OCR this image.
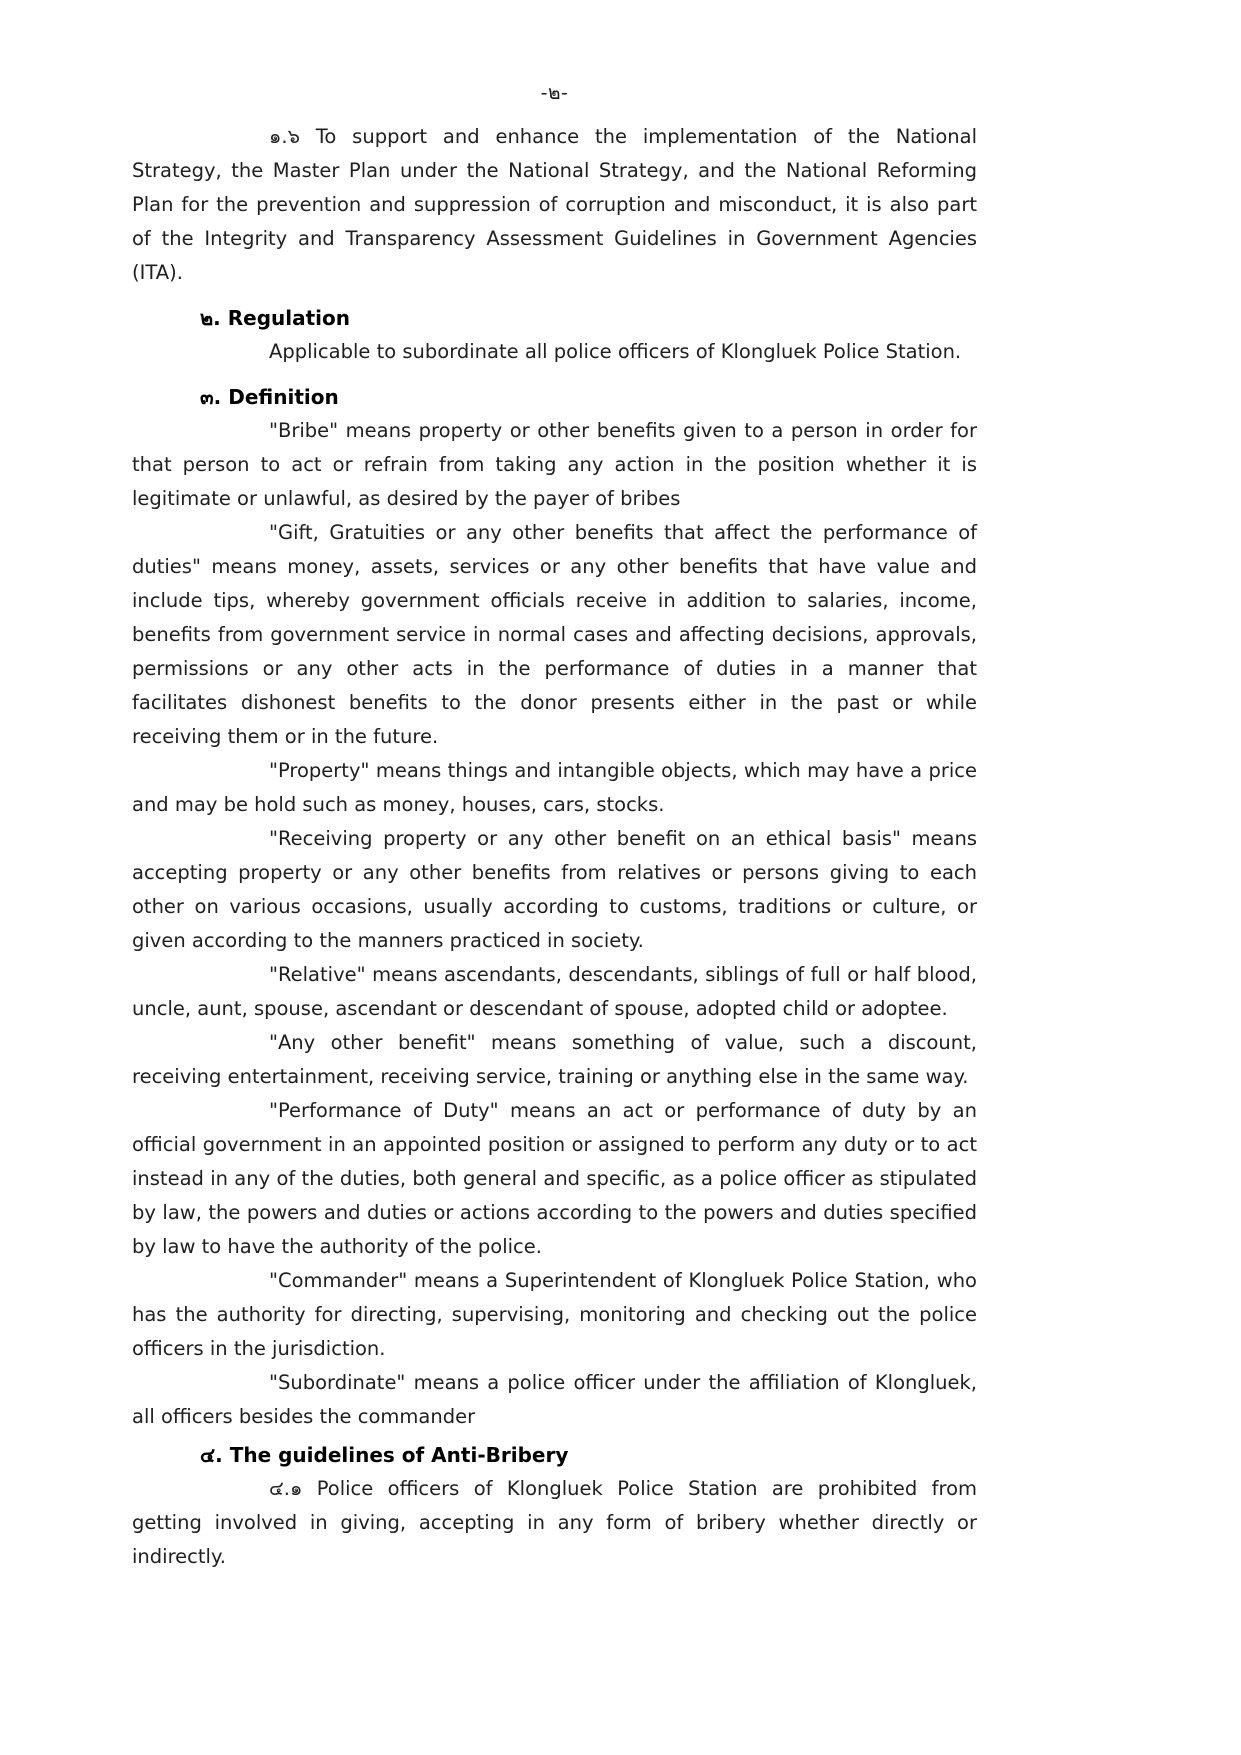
-๒-

๑.๖ To support and enhance the implementation of the National Strategy, the Master Plan under the National Strategy, and the National Reforming Plan for the prevention and suppression of corruption and misconduct, it is also part of the Integrity and Transparency Assessment Guidelines in Government Agencies (ITA).

๒. Regulation

Applicable to subordinate all police officers of Klongluek Police Station.

๓. Definition

"Bribe" means property or other benefits given to a person in order for that person to act or refrain from taking any action in the position whether it is legitimate or unlawful, as desired by the payer of bribes

"Gift, Gratuities or any other benefits that affect the performance of duties" means money, assets, services or any other benefits that have value and include tips, whereby government officials receive in addition to salaries, income, benefits from government service in normal cases and affecting decisions, approvals, permissions or any other acts in the performance of duties in a manner that facilitates dishonest benefits to the donor presents either in the past or while receiving them or in the future.

"Property" means things and intangible objects, which may have a price and may be hold such as money, houses, cars, stocks.

"Receiving property or any other benefit on an ethical basis" means accepting property or any other benefits from relatives or persons giving to each other on various occasions, usually according to customs, traditions or culture, or given according to the manners practiced in society.

"Relative" means ascendants, descendants, siblings of full or half blood, uncle, aunt, spouse, ascendant or descendant of spouse, adopted child or adoptee.

"Any other benefit" means something of value, such a discount, receiving entertainment, receiving service, training or anything else in the same way.

"Performance of Duty" means an act or performance of duty by an official government in an appointed position or assigned to perform any duty or to act instead in any of the duties, both general and specific, as a police officer as stipulated by law, the powers and duties or actions according to the powers and duties specified by law to have the authority of the police.

"Commander" means a Superintendent of Klongluek Police Station, who has the authority for directing, supervising, monitoring and checking out the police officers in the jurisdiction.

"Subordinate" means a police officer under the affiliation of Klongluek, all officers besides the commander

๔. The guidelines of Anti-Bribery

๔.๑ Police officers of Klongluek Police Station are prohibited from getting involved in giving, accepting in any form of bribery whether directly or indirectly.
